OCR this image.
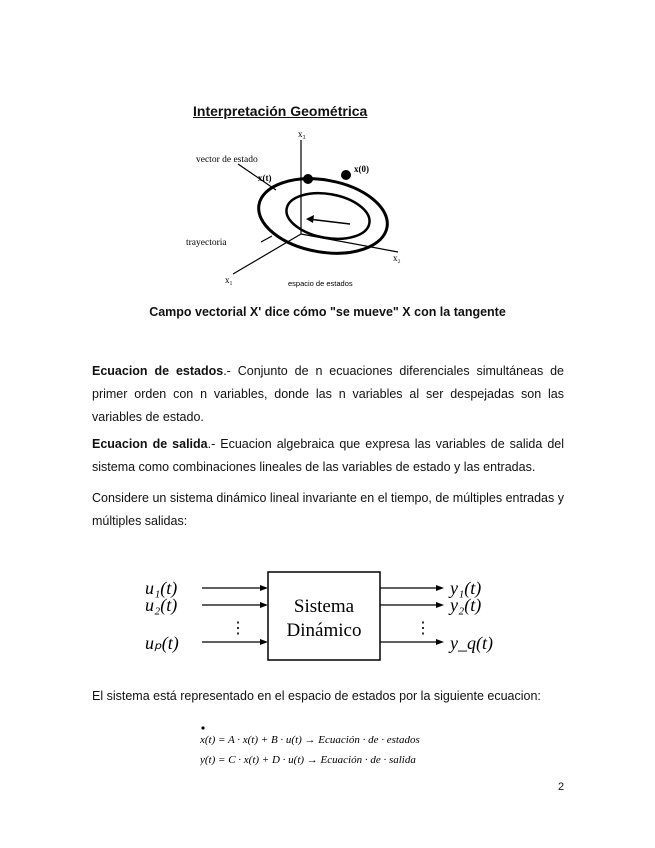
Interpretación Geométrica
x₃
vector de estado
x(t)
x(0)
trayectoria
x₂
x₁	espacio de estados
Campo vectorial X' dice cómo "se mueve" X con la tangente
Ecuacion de estados.- Conjunto de n ecuaciones diferenciales simultáneas de primer orden con n variables, donde las n variables al ser despejadas son las variables de estado.
Ecuacion de salida.- Ecuacion algebraica que expresa las variables de salida del sistema como combinaciones lineales de las variables de estado y las entradas.
Considere un sistema dinámico lineal invariante en el tiempo, de múltiples entradas y múltiples salidas:
Sistema
Dinámico
u₁(t)
u₂(t)
uₚ(t)
⋮	⋮
y₁(t)
y₂(t)
y_q(t)
El sistema está representado en el espacio de estados por la siguiente ecuacion:
x(t) = A · x(t) + B · u(t) → Ecuación · de · estados
y(t) = C · x(t) + D · u(t) → Ecuación · de · salida
2
